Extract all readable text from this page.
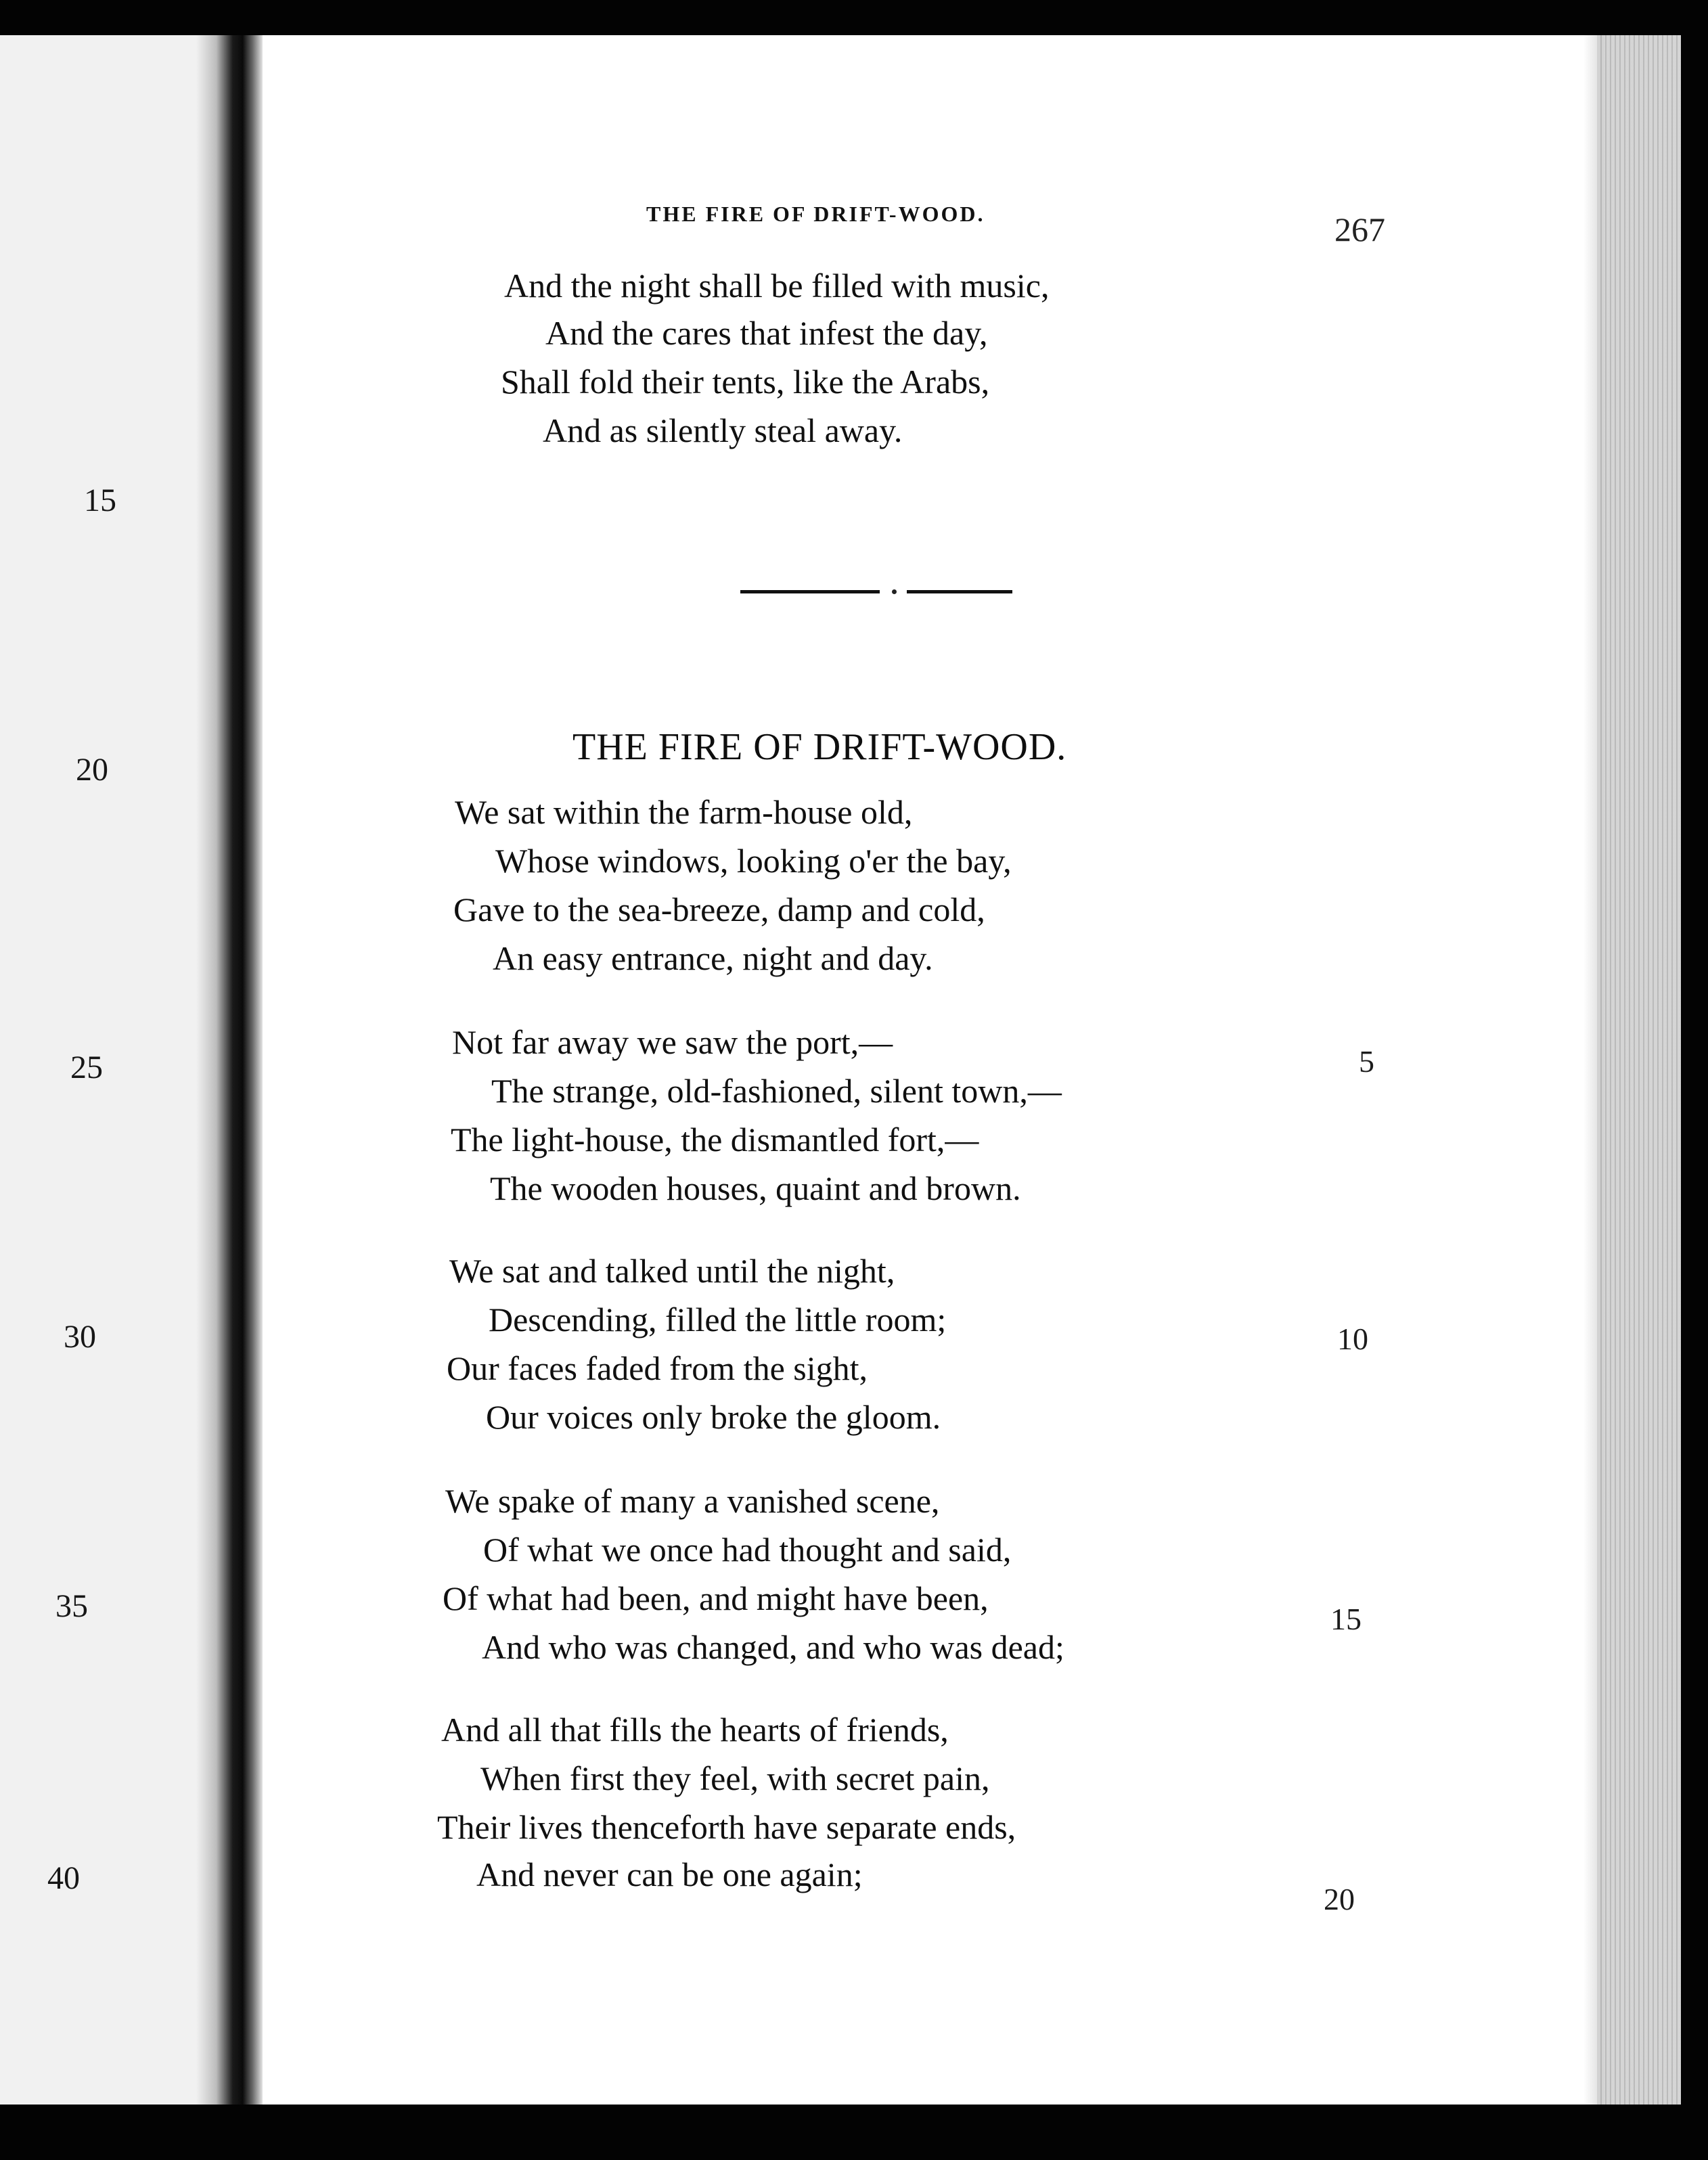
15
20
25
30
35
40
THE FIRE OF DRIFT-WOOD.	267
And the night shall be filled with music,
And the cares that infest the day,
Shall fold their tents, like the Arabs,
And as silently steal away.
THE FIRE OF DRIFT-WOOD.
We sat within the farm-house old,
Whose windows, looking o'er the bay,
Gave to the sea-breeze, damp and cold,
An easy entrance, night and day.
Not far away we saw the port,—
The strange, old-fashioned, silent town,—
The light-house, the dismantled fort,—
The wooden houses, quaint and brown.
5
We sat and talked until the night,
Descending, filled the little room;
Our faces faded from the sight,
Our voices only broke the gloom.
10
We spake of many a vanished scene,
Of what we once had thought and said,
Of what had been, and might have been,
And who was changed, and who was dead;
15
And all that fills the hearts of friends,
When first they feel, with secret pain,
Their lives thenceforth have separate ends,
And never can be one again;
20
